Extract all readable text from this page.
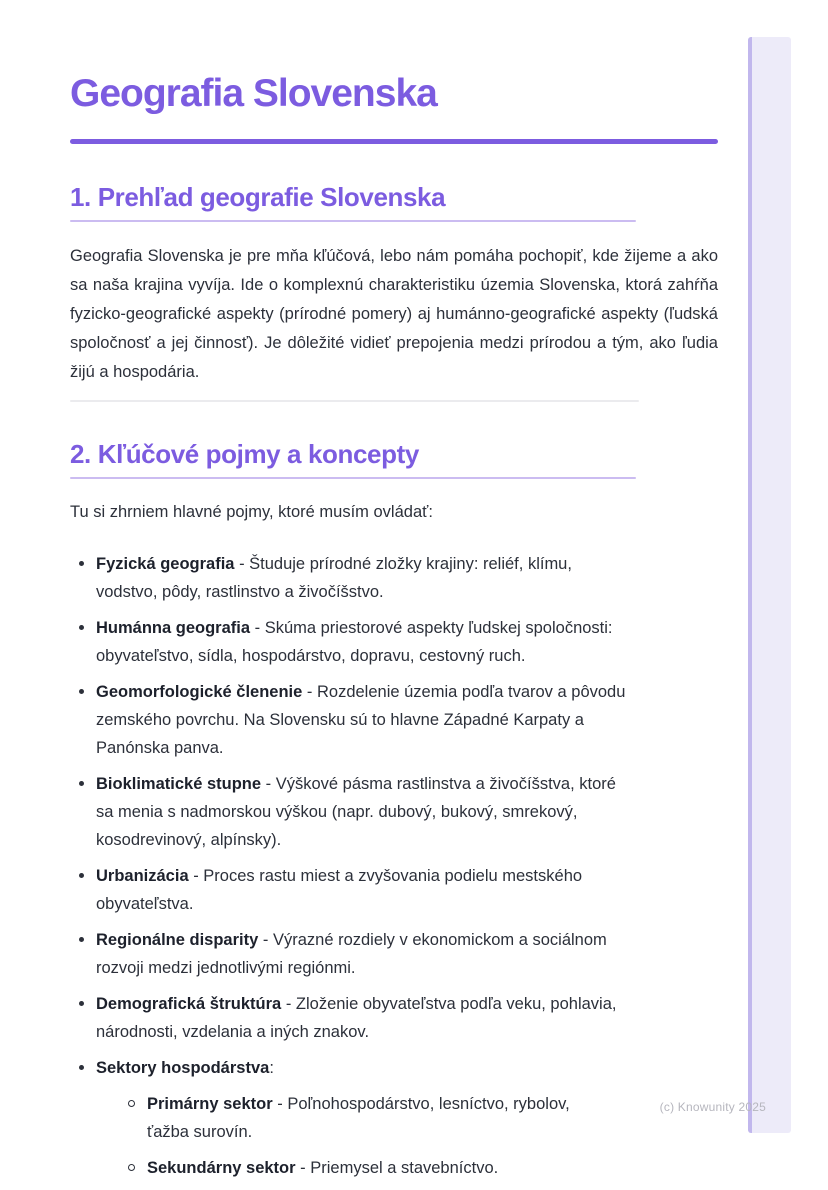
Geografia Slovenska
1. Prehľad geografie Slovenska

Geografia Slovenska je pre mňa kľúčová, lebo nám pomáha pochopiť, kde žijeme a ako sa naša krajina vyvíja. Ide o komplexnú charakteristiku územia Slovenska, ktorá zahŕňa fyzicko-geografické aspekty (prírodné pomery) aj humánno-geografické aspekty (ľudská spoločnosť a jej činnosť). Je dôležité vidieť prepojenia medzi prírodou a tým, ako ľudia žijú a hospodária.

2. Kľúčové pojmy a koncepty

Tu si zhrniem hlavné pojmy, ktoré musím ovládať:

Fyzická geografia - Študuje prírodné zložky krajiny: reliéf, klímu, vodstvo, pôdy, rastlinstvo a živočíšstvo.
Humánna geografia - Skúma priestorové aspekty ľudskej spoločnosti: obyvateľstvo, sídla, hospodárstvo, dopravu, cestovný ruch.
Geomorfologické členenie - Rozdelenie územia podľa tvarov a pôvodu zemského povrchu. Na Slovensku sú to hlavne Západné Karpaty a Panónska panva.
Bioklimatické stupne - Výškové pásma rastlinstva a živočíšstva, ktoré sa menia s nadmorskou výškou (napr. dubový, bukový, smrekový, kosodrevinový, alpínsky).
Urbanizácia - Proces rastu miest a zvyšovania podielu mestského obyvateľstva.
Regionálne disparity - Výrazné rozdiely v ekonomickom a sociálnom rozvoji medzi jednotlivými regiónmi.
Demografická štruktúra - Zloženie obyvateľstva podľa veku, pohlavia, národnosti, vzdelania a iných znakov.
Sektory hospodárstva:
Primárny sektor - Poľnohospodárstvo, lesníctvo, rybolov, ťažba surovín.
Sekundárny sektor - Priemysel a stavebníctvo.
(c) Knowunity 2025
